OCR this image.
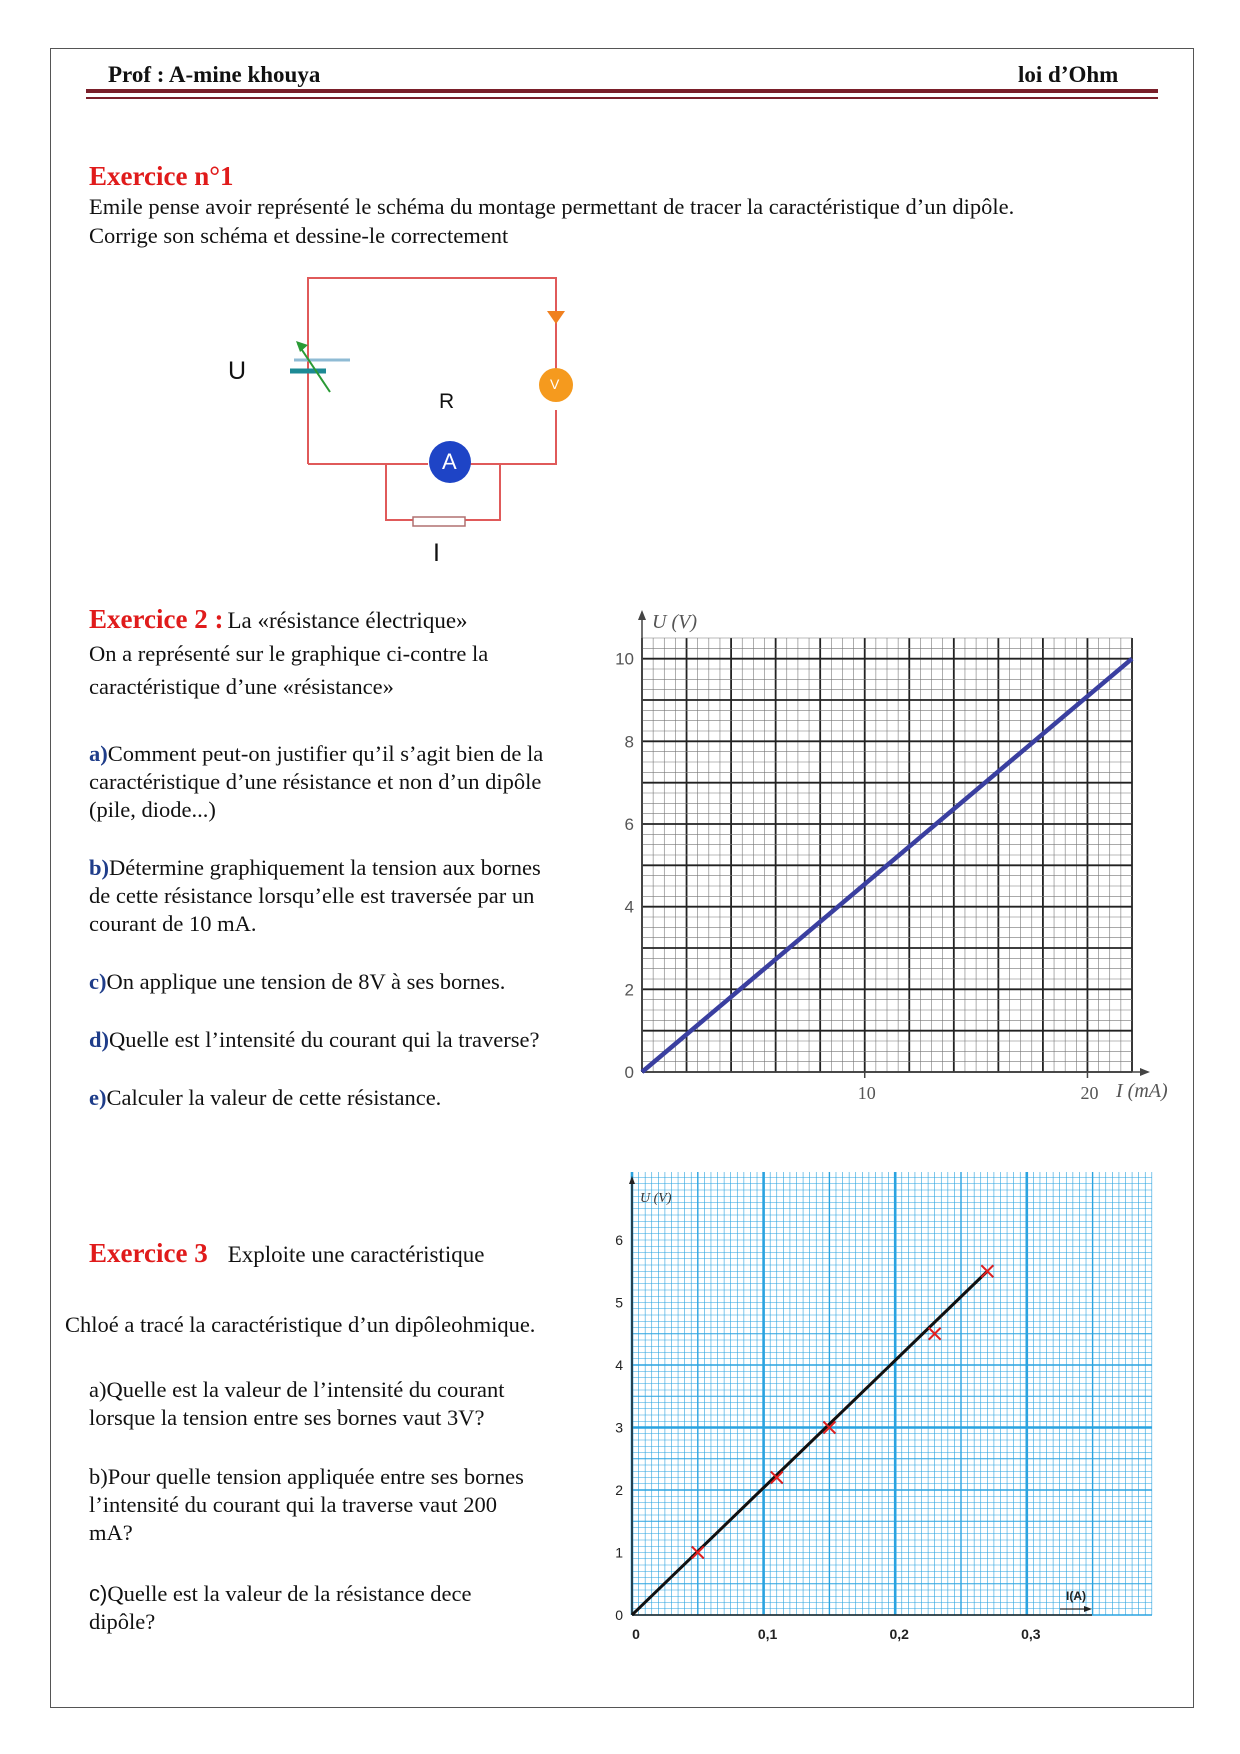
Prof : A-mine khouya	loi d’Ohm
Exercice n°1
Emile pense avoir représenté le schéma du montage permettant de tracer la caractéristique d’un dipôle.
Corrige son schéma et dessine-le correctement
U
R
I
V
A
Exercice 2 : La «résistance électrique»
On a représenté sur le graphique ci-contre la
caractéristique d’une «résistance»
a)Comment peut-on justifier qu’il s’agit bien de la
caractéristique d’une résistance et non d’un dipôle
(pile, diode...)
b)Détermine graphiquement la tension aux bornes
de cette résistance lorsqu’elle est traversée par un
courant de 10 mA.
c)On applique une tension de 8V à ses bornes.
d)Quelle est l’intensité du courant qui la traverse?
e)Calculer la valeur de cette résistance.
0
2
4
6
8
10
10	20
U (V)
I (mA)
Exercice 3 Exploite une caractéristique
Chloé a tracé la caractéristique d’un dipôleohmique.
a)Quelle est la valeur de l’intensité du courant
lorsque la tension entre ses bornes vaut 3V?
b)Pour quelle tension appliquée entre ses bornes
l’intensité du courant qui la traverse vaut 200
mA?
c)Quelle est la valeur de la résistance dece
dipôle?	0
1
2
3
4
5
6
0	0,1	0,2	0,3
U (V)
I(A)
